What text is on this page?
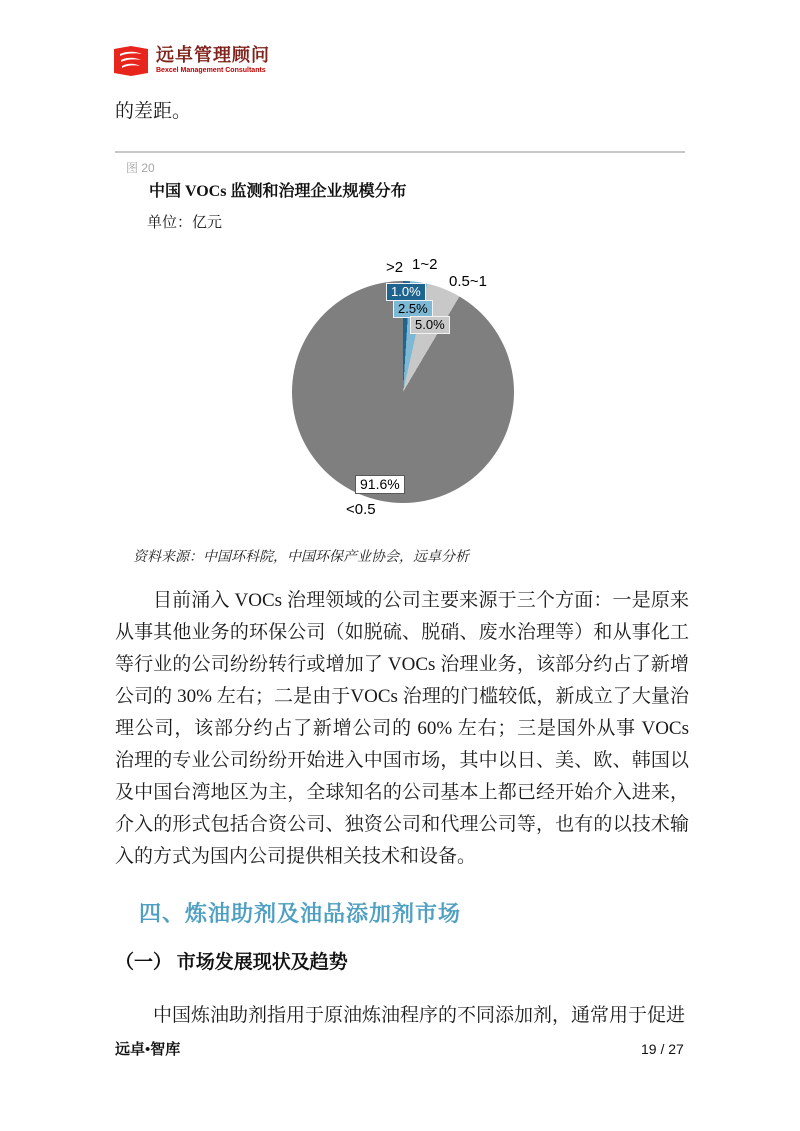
远卓管理顾问
Bexcel Management Consultants

的差距。

图 20
中国 VOCs 监测和治理企业规模分布
单位：亿元
>2 1~2
0.5~1
<0.5
1.0%
2.5%
5.0%
91.6%
资料来源：中国环科院，中国环保产业协会，远卓分析

目前涌入 VOCs 治理领域的公司主要来源于三个方面：一是原来从事其他业务的环保公司（如脱硫、脱硝、废水治理等）和从事化工等行业的公司纷纷转行或增加了 VOCs 治理业务，该部分约占了新增公司的 30% 左右；二是由于VOCs 治理的门槛较低，新成立了大量治理公司，该部分约占了新增公司的 60% 左右；三是国外从事 VOCs 治理的专业公司纷纷开始进入中国市场，其中以日、美、欧、韩国以及中国台湾地区为主，全球知名的公司基本上都已经开始介入进来，介入的形式包括合资公司、独资公司和代理公司等，也有的以技术输入的方式为国内公司提供相关技术和设备。

四、炼油助剂及油品添加剂市场
（一） 市场发展现状及趋势

中国炼油助剂指用于原油炼油程序的不同添加剂，通常用于促进

远卓•智库	19 / 27
